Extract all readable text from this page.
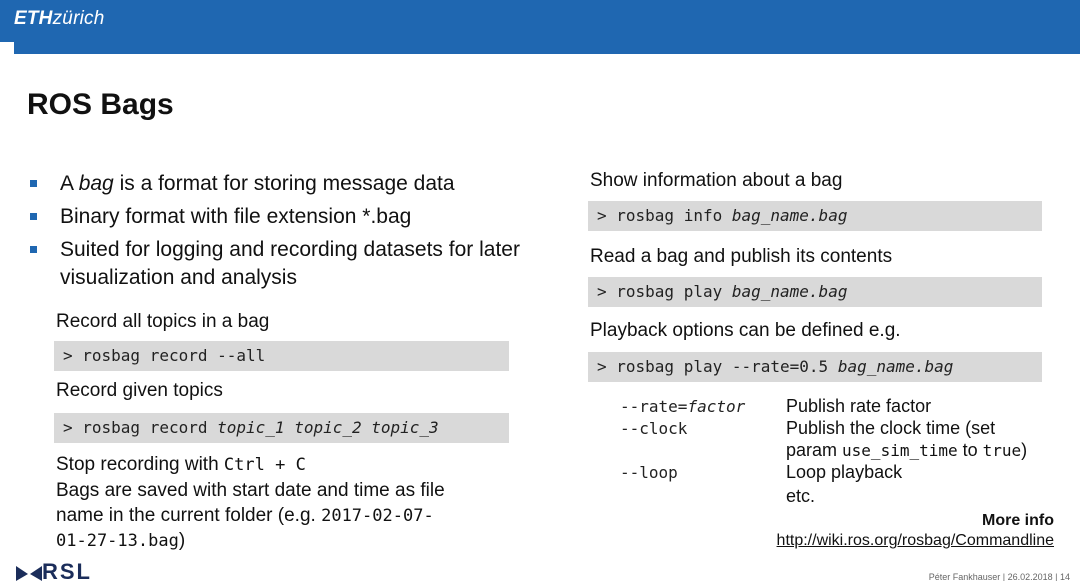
ETHzürich
ROS Bags
A bag is a format for storing message data
Binary format with file extension *.bag
Suited for logging and recording datasets for later visualization and analysis
Record all topics in a bag
> rosbag record --all
Record given topics
> rosbag record topic_1 topic_2 topic_3
Stop recording with Ctrl + C
Bags are saved with start date and time as file
name in the current folder (e.g. 2017-02-07-
01-27-13.bag)
Show information about a bag
> rosbag info bag_name.bag
Read a bag and publish its contents
> rosbag play bag_name.bag
Playback options can be defined e.g.
> rosbag play --rate=0.5 bag_name.bag
--rate=factor Publish rate factor
--clock	Publish the clock time (set
param use_sim_time to true)
--loop	Loop playback
etc.
More info
http://wiki.ros.org/rosbag/Commandline
RSL	Péter Fankhauser | 26.02.2018 | 14
